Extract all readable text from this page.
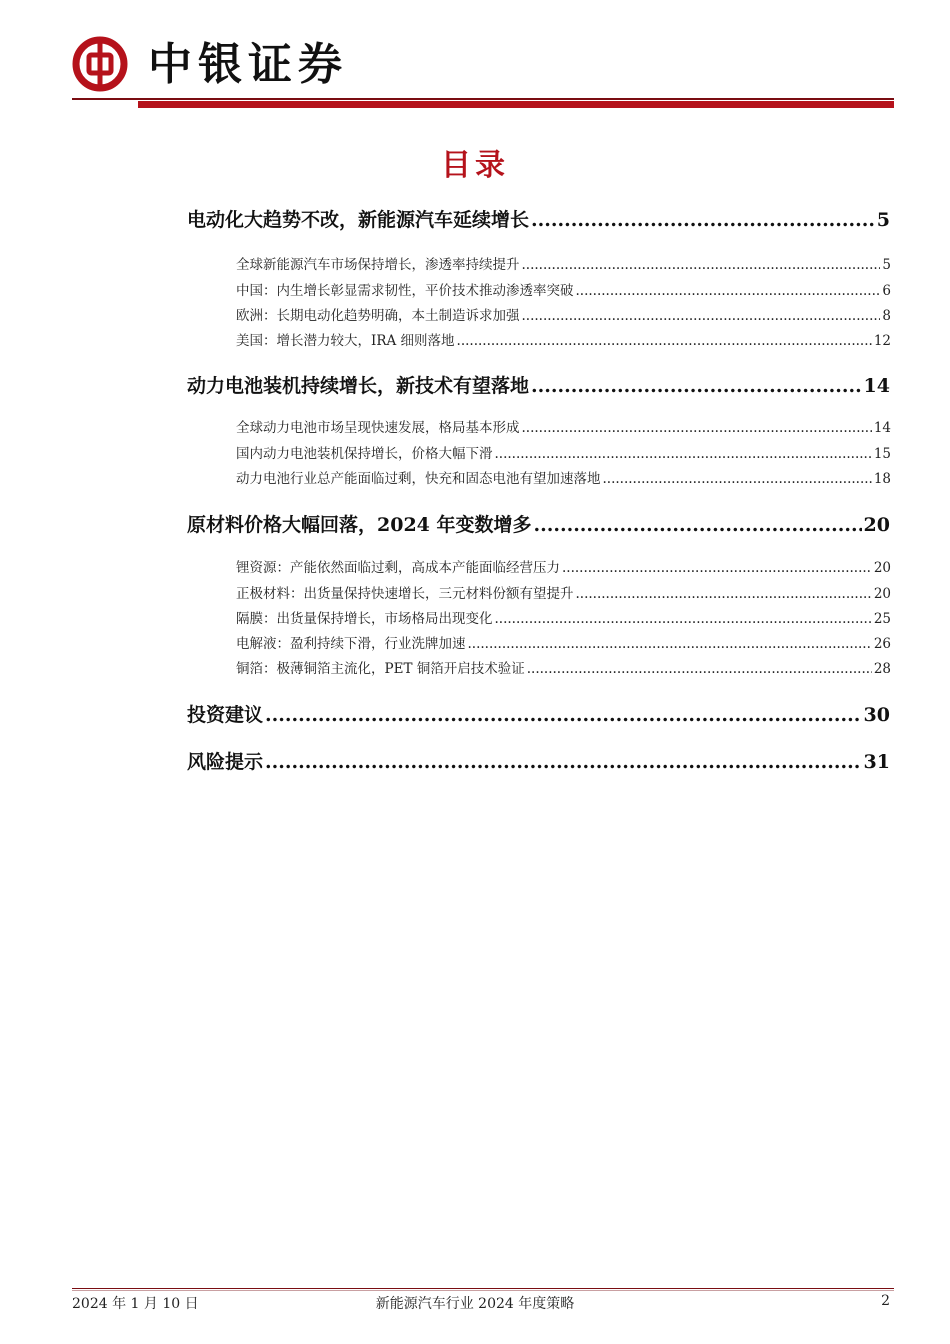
中银证券
目录
电动化大趋势不改，新能源汽车延续增长 .....	5
全球新能源汽车市场保持增长，渗透率持续提升 .....	5
中国：内生增长彰显需求韧性，平价技术推动渗透率突破 .....	6
欧洲：长期电动化趋势明确，本土制造诉求加强 .....	8
美国：增长潜力较大，IRA 细则落地 .....	12
动力电池装机持续增长，新技术有望落地 .....	14
全球动力电池市场呈现快速发展，格局基本形成 .....	14
国内动力电池装机保持增长，价格大幅下滑 .....	15
动力电池行业总产能面临过剩，快充和固态电池有望加速落地 .....	18
原材料价格大幅回落，2024 年变数增多 .....	20
锂资源：产能依然面临过剩，高成本产能面临经营压力 .....	20
正极材料：出货量保持快速增长，三元材料份额有望提升 .....	20
隔膜：出货量保持增长，市场格局出现变化 .....	25
电解液：盈利持续下滑，行业洗牌加速 .....	26
铜箔：极薄铜箔主流化，PET 铜箔开启技术验证 .....	28
投资建议 .....	30
风险提示 .....	31
2024 年 1 月 10 日	新能源汽车行业 2024 年度策略	2
